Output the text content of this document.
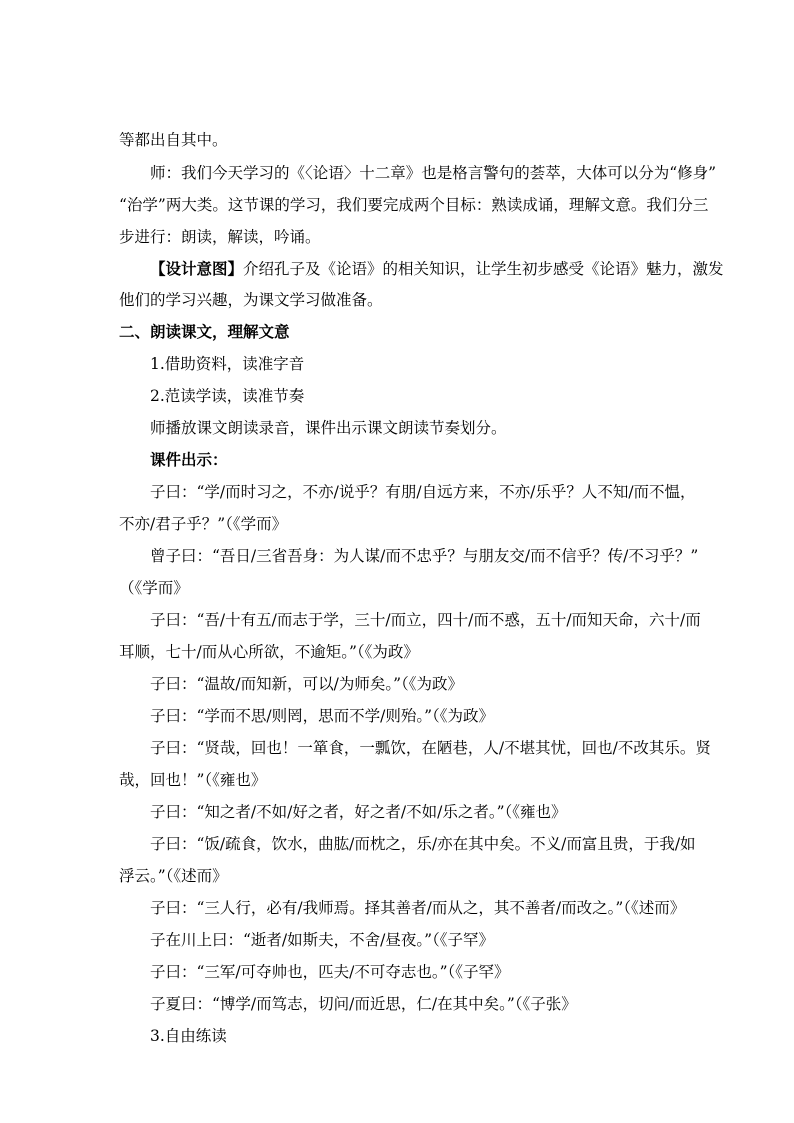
等都出自其中。
师：我们今天学习的《〈论语〉十二章》也是格言警句的荟萃，大体可以分为“修身”
“治学”两大类。这节课的学习，我们要完成两个目标：熟读成诵，理解文意。我们分三
步进行：朗读，解读，吟诵。
【设计意图】介绍孔子及《论语》的相关知识，让学生初步感受《论语》魅力，激发
他们的学习兴趣，为课文学习做准备。
二、朗读课文，理解文意
1.借助资料，读准字音
2.范读学读，读准节奏
师播放课文朗读录音，课件出示课文朗读节奏划分。
课件出示：
子曰：“学/而时习之，不亦/说乎？有朋/自远方来，不亦/乐乎？人不知/而不愠，
不亦/君子乎？”（《学而》
曾子曰：“吾日/三省吾身：为人谋/而不忠乎？与朋友交/而不信乎？传/不习乎？”
（《学而》
子曰：“吾/十有五/而志于学，三十/而立，四十/而不惑，五十/而知天命，六十/而
耳顺，七十/而从心所欲，不逾矩。”（《为政》
子曰：“温故/而知新，可以/为师矣。”（《为政》
子曰：“学而不思/则罔，思而不学/则殆。”（《为政》
子曰：“贤哉，回也！一箪食，一瓢饮，在陋巷，人/不堪其忧，回也/不改其乐。贤
哉，回也！”（《雍也》
子曰：“知之者/不如/好之者，好之者/不如/乐之者。”（《雍也》
子曰：“饭/疏食，饮水，曲肱/而枕之，乐/亦在其中矣。不义/而富且贵，于我/如
浮云。”（《述而》
子曰：“三人行，必有/我师焉。择其善者/而从之，其不善者/而改之。”（《述而》
子在川上曰：“逝者/如斯夫，不舍/昼夜。”（《子罕》
子曰：“三军/可夺帅也，匹夫/不可夺志也。”（《子罕》
子夏曰：“博学/而笃志，切问/而近思，仁/在其中矣。”（《子张》
3.自由练读
